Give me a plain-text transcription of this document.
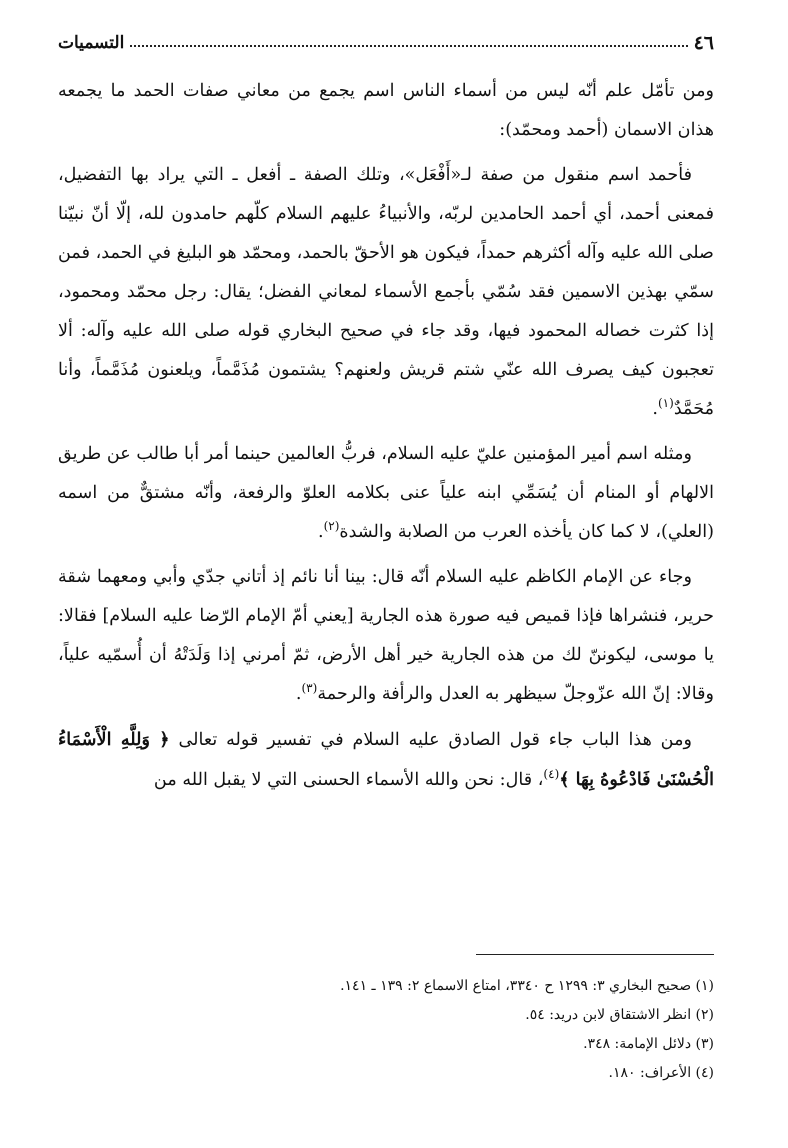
٤٦
التسميات

ومن تأمّل علم أنّه ليس من أسماء الناس اسم يجمع من معاني صفات الحمد ما يجمعه هذان الاسمان (أحمد ومحمّد):

فأحمد اسم منقول من صفة لـ«أَفْعَل»، وتلك الصفة ـ أفعل ـ التي يراد بها التفضيل، فمعنى أحمد، أي أحمد الحامدين لربّه، والأنبياءُ عليهم السلام كلّهم حامدون لله، إلّا أنّ نبيّنا صلى الله عليه وآله أكثرهم حمداً، فيكون هو الأحقّ بالحمد، ومحمّد هو البليغ في الحمد، فمن سمّي بهذين الاسمين فقد سُمّي بأجمع الأسماء لمعاني الفضل؛ يقال: رجل محمّد ومحمود، إذا كثرت خصاله المحمود فيها، وقد جاء في صحيح البخاري قوله صلى الله عليه وآله: ألا تعجبون كيف يصرف الله عنّي شتم قريش ولعنهم؟ يشتمون مُذَمَّماً، ويلعنون مُذَمَّماً، وأنا مُحَمَّدٌ$^{(١)}$.

ومثله اسم أمير المؤمنين عليّ عليه السلام، فربُّ العالمين حينما أمر أبا طالب عن طريق الالهام أو المنام أن يُسَمِّي ابنه علياً عنى بكلامه العلوّ والرفعة، وأنّه مشتقٌّ من اسمه (العلي)، لا كما كان يأخذه العرب من الصلابة والشدة$^{(٢)}$.

وجاء عن الإمام الكاظم عليه السلام أنّه قال: بينا أنا نائم إذ أتاني جدّي وأبي ومعهما شقة حرير، فنشراها فإذا قميص فيه صورة هذه الجارية [يعني أمّ الإمام الرّضا عليه السلام] فقالا: يا موسى، ليكوننّ لك من هذه الجارية خير أهل الأرض، ثمّ أمرني إذا وَلَدَتْهُ أن أُسمّيه علياً، وقالا: إنّ الله عزّوجلّ سيظهر به العدل والرأفة والرحمة$^{(٣)}$.

ومن هذا الباب جاء قول الصادق عليه السلام في تفسير قوله تعالى ﴿ وَلِلَّهِ الْأَسْمَاءُ الْحُسْنَىٰ فَادْعُوهُ بِهَا ﴾$^{(٤)}$، قال: نحن والله الأسماء الحسنى التي لا يقبل الله من

(١) صحيح البخاري ٣: ١٢٩٩ ح ٣٣٤٠، امتاع الاسماع ٢: ١٣٩ ـ ١٤١.

(٢) انظر الاشتقاق لابن دريد: ٥٤.

(٣) دلائل الإمامة: ٣٤٨.

(٤) الأعراف: ١٨٠.
